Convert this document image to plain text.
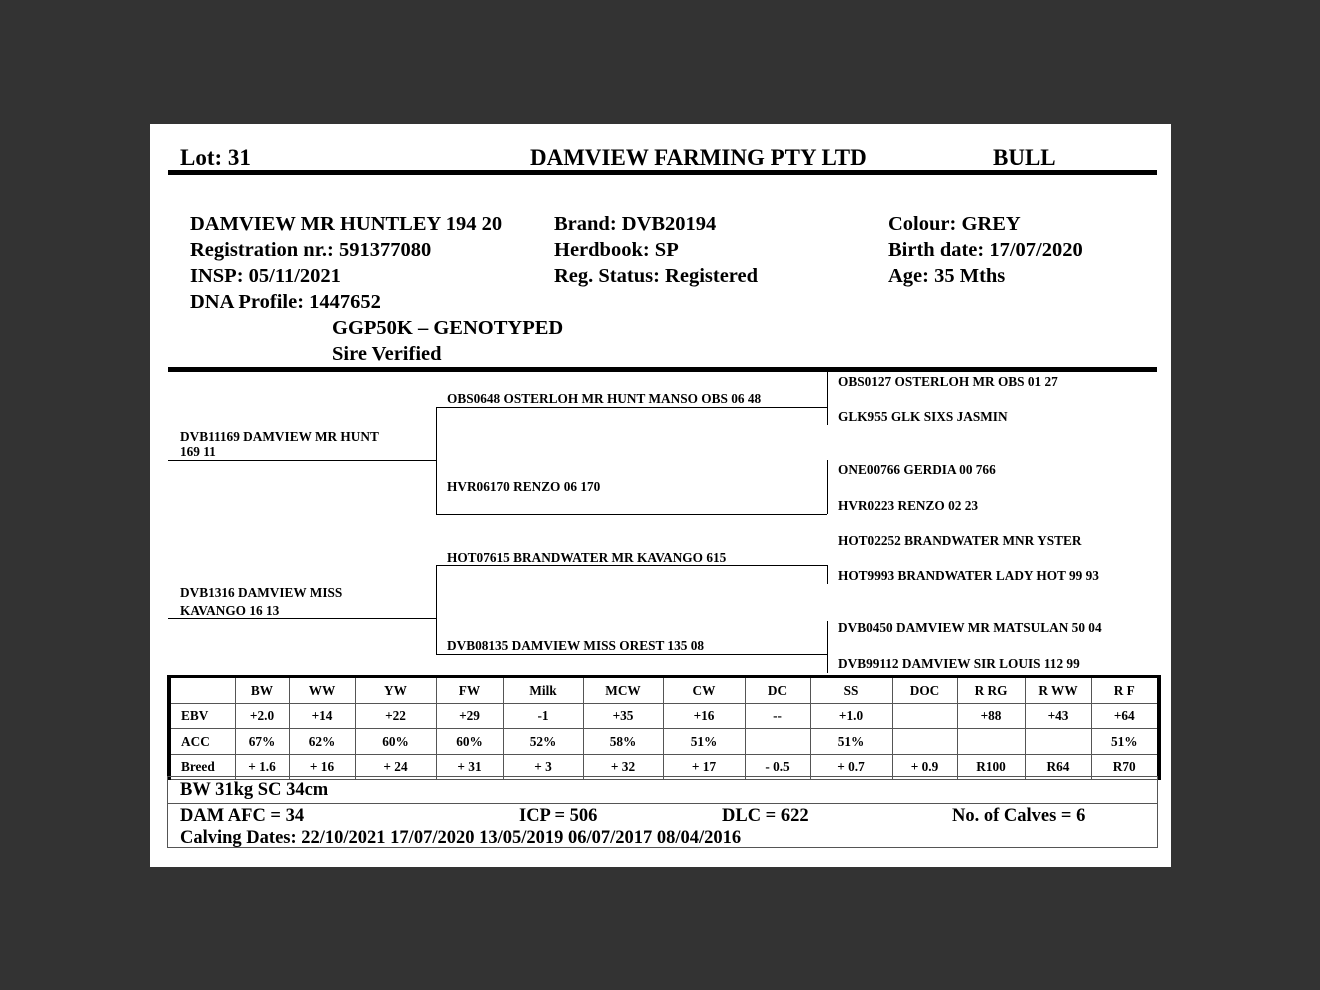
Lot: 31	DAMVIEW FARMING PTY LTD	BULL
DAMVIEW MR HUNTLEY 194 20
Registration nr.: 591377080
INSP: 05/11/2021
DNA Profile: 1447652
GGP50K – GENOTYPED
Sire Verified
Brand: DVB20194
Herdbook: SP
Reg. Status: Registered
Colour: GREY
Birth date: 17/07/2020
Age: 35 Mths
DVB11169 DAMVIEW MR HUNT
169 11
DVB1316 DAMVIEW MISS
KAVANGO 16 13
OBS0648 OSTERLOH MR HUNT MANSO OBS 06 48
HVR06170 RENZO 06 170
HOT07615 BRANDWATER MR KAVANGO 615
DVB08135 DAMVIEW MISS OREST 135 08
OBS0127 OSTERLOH MR OBS 01 27
GLK955 GLK SIXS JASMIN
ONE00766 GERDIA 00 766
HVR0223 RENZO 02 23
HOT02252 BRANDWATER MNR YSTER
HOT9993 BRANDWATER LADY HOT 99 93
DVB0450 DAMVIEW MR MATSULAN 50 04
DVB99112 DAMVIEW SIR LOUIS 112 99
	BW	WW	YW	FW	Milk	MCW	CW	DC	SS	DOC	R RG	R WW	R F
EBV	+2.0	+14	+22	+29	-1	+35	+16	--	+1.0		+88	+43	+64
ACC	67%	62%	60%	60%	52%	58%	51%		51%				51%
Breed	+ 1.6	+ 16	+ 24	+ 31	+ 3	+ 32	+ 17	- 0.5	+ 0.7	+ 0.9	R100	R64	R70
BW 31kg SC 34cm
DAM AFC = 34	ICP = 506	DLC = 622	No. of Calves = 6
Calving Dates: 22/10/2021 17/07/2020 13/05/2019 06/07/2017 08/04/2016
